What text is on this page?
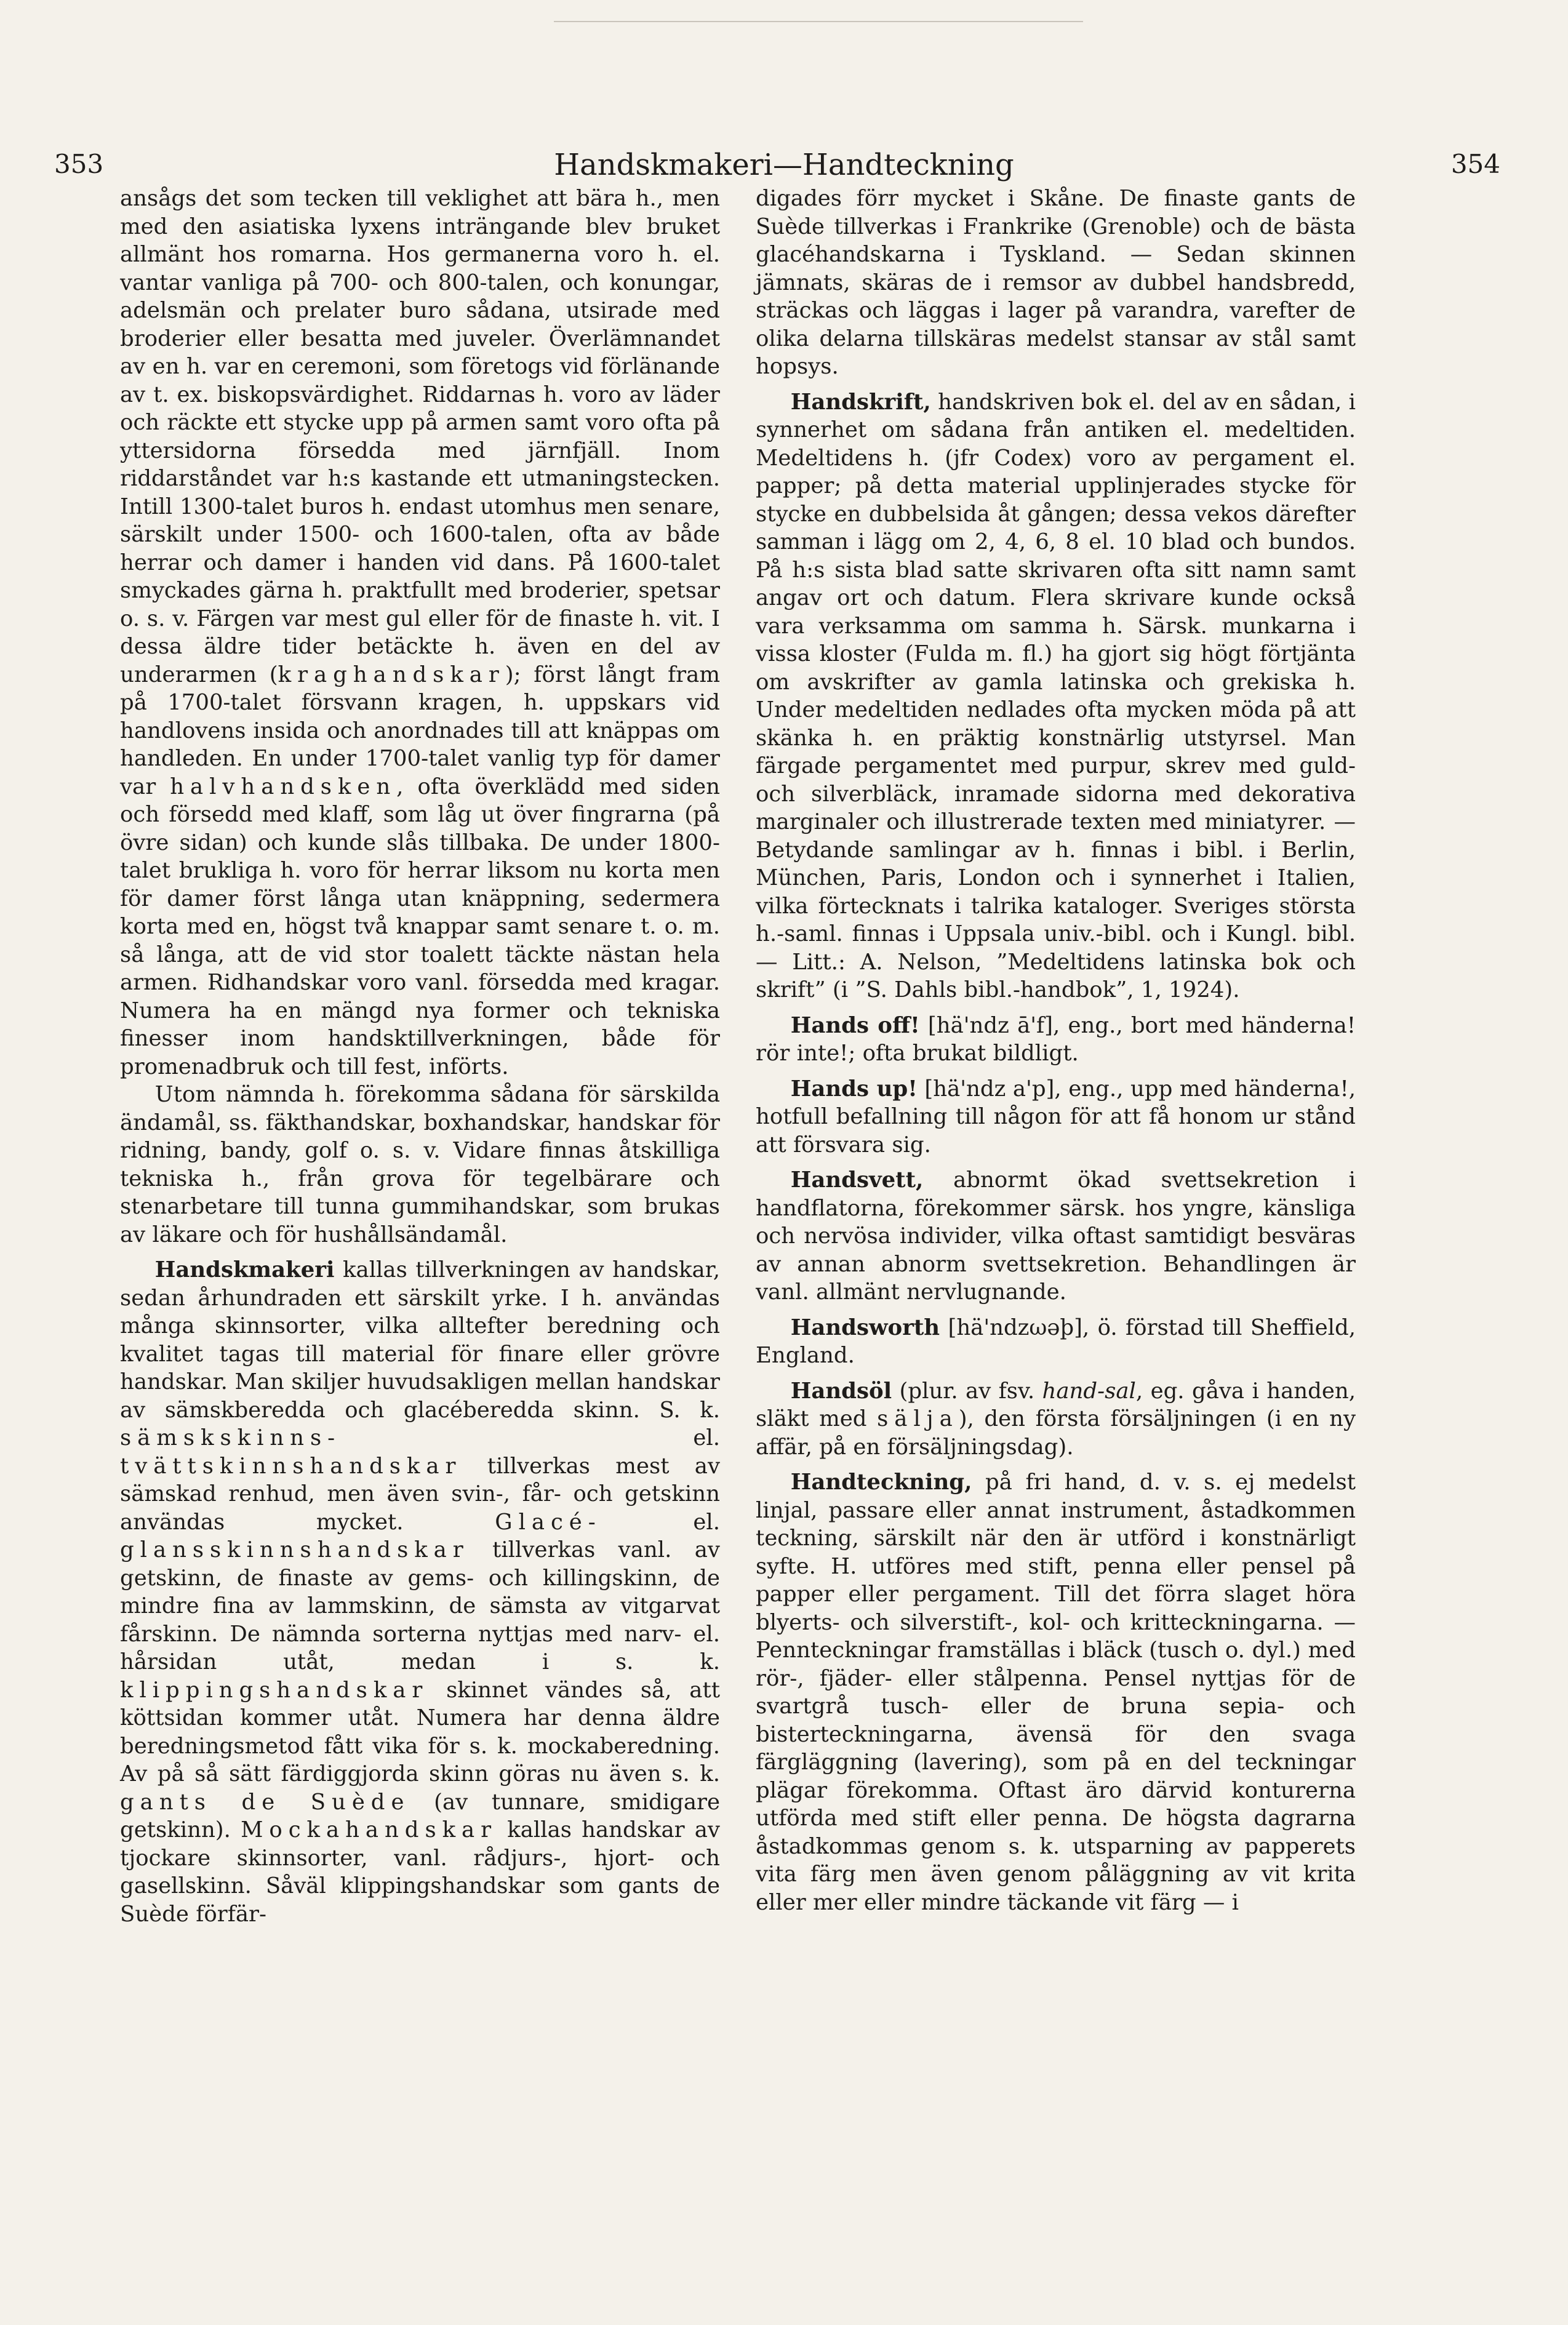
353	Handskmakeri—Handteckning	354

ansågs det som tecken till veklighet att bära h., men med den asiatiska lyxens inträngande blev bruket allmänt hos romarna. Hos germanerna voro h. el. vantar vanliga på 700- och 800-talen, och konungar, adelsmän och prelater buro sådana, utsirade med broderier eller besatta med juveler. Överlämnandet av en h. var en ceremoni, som företogs vid förlänande av t. ex. biskopsvärdighet. Riddarnas h. voro av läder och räckte ett stycke upp på armen samt voro ofta på yttersidorna försedda med järnfjäll. Inom riddarståndet var h:s kastande ett utmaningstecken. Intill 1300-talet buros h. endast utomhus men senare, särskilt under 1500- och 1600-talen, ofta av både herrar och damer i handen vid dans. På 1600-talet smyckades gärna h. praktfullt med broderier, spetsar o. s. v. Färgen var mest gul eller för de finaste h. vit. I dessa äldre tider betäckte h. även en del av underarmen (kraghandskar); först långt fram på 1700-talet försvann kragen, h. uppskars vid handlovens insida och anordnades till att knäppas om handleden. En under 1700-talet vanlig typ för damer var halvhandsken, ofta överklädd med siden och försedd med klaff, som låg ut över fingrarna (på övre sidan) och kunde slås tillbaka. De under 1800-talet brukliga h. voro för herrar liksom nu korta men för damer först långa utan knäppning, sedermera korta med en, högst två knappar samt senare t. o. m. så långa, att de vid stor toalett täckte nästan hela armen. Ridhandskar voro vanl. försedda med kragar. Numera ha en mängd nya former och tekniska finesser inom handsktillverkningen, både för promenadbruk och till fest, införts.

Utom nämnda h. förekomma sådana för särskilda ändamål, ss. fäkthandskar, boxhandskar, handskar för ridning, bandy, golf o. s. v. Vidare finnas åtskilliga tekniska h., från grova för tegelbärare och stenarbetare till tunna gummihandskar, som brukas av läkare och för hushållsändamål.

Handskmakeri kallas tillverkningen av handskar, sedan århundraden ett särskilt yrke. I h. användas många skinnsorter, vilka alltefter beredning och kvalitet tagas till material för finare eller grövre handskar. Man skiljer huvudsakligen mellan handskar av sämskberedda och glacéberedda skinn. S. k. sämskskinns- el. tvättskinnshandskar tillverkas mest av sämskad renhud, men även svin-, får- och getskinn användas mycket. Glacé- el. glansskinnshandskar tillverkas vanl. av getskinn, de finaste av gems- och killingskinn, de mindre fina av lammskinn, de sämsta av vitgarvat fårskinn. De nämnda sorterna nyttjas med narv- el. hårsidan utåt, medan i s. k. klippingshandskar skinnet vändes så, att köttsidan kommer utåt. Numera har denna äldre beredningsmetod fått vika för s. k. mockaberedning. Av på så sätt färdiggjorda skinn göras nu även s. k. gants de Suède (av tunnare, smidigare getskinn). Mockahandskar kallas handskar av tjockare skinnsorter, vanl. rådjurs-, hjort- och gasellskinn. Såväl klippingshandskar som gants de Suède förfär-

digades förr mycket i Skåne. De finaste gants de Suède tillverkas i Frankrike (Grenoble) och de bästa glacéhandskarna i Tyskland. — Sedan skinnen jämnats, skäras de i remsor av dubbel handsbredd, sträckas och läggas i lager på varandra, varefter de olika delarna tillskäras medelst stansar av stål samt hopsys.

Handskrift, handskriven bok el. del av en sådan, i synnerhet om sådana från antiken el. medeltiden. Medeltidens h. (jfr Codex) voro av pergament el. papper; på detta material upplinjerades stycke för stycke en dubbelsida åt gången; dessa vekos därefter samman i lägg om 2, 4, 6, 8 el. 10 blad och bundos. På h:s sista blad satte skrivaren ofta sitt namn samt angav ort och datum. Flera skrivare kunde också vara verksamma om samma h. Särsk. munkarna i vissa kloster (Fulda m. fl.) ha gjort sig högt förtjänta om avskrifter av gamla latinska och grekiska h. Under medeltiden nedlades ofta mycken möda på att skänka h. en präktig konstnärlig utstyrsel. Man färgade pergamentet med purpur, skrev med guld- och silverbläck, inramade sidorna med dekorativa marginaler och illustrerade texten med miniatyrer. — Betydande samlingar av h. finnas i bibl. i Berlin, München, Paris, London och i synnerhet i Italien, vilka förtecknats i talrika kataloger. Sveriges största h.-saml. finnas i Uppsala univ.-bibl. och i Kungl. bibl. — Litt.: A. Nelson, ”Medeltidens latinska bok och skrift” (i ”S. Dahls bibl.-handbok”, 1, 1924).

Hands off! [hä'ndz ā'f], eng., bort med händerna! rör inte!; ofta brukat bildligt.

Hands up! [hä'ndz a'p], eng., upp med händerna!, hotfull befallning till någon för att få honom ur stånd att försvara sig.

Handsvett, abnormt ökad svettsekretion i handflatorna, förekommer särsk. hos yngre, känsliga och nervösa individer, vilka oftast samtidigt besväras av annan abnorm svettsekretion. Behandlingen är vanl. allmänt nervlugnande.

Handsworth [hä'ndzωəþ], ö. förstad till Sheffield, England.

Handsöl (plur. av fsv. hand-sal, eg. gåva i handen, släkt med sälja), den första försäljningen (i en ny affär, på en försäljningsdag).

Handteckning, på fri hand, d. v. s. ej medelst linjal, passare eller annat instrument, åstadkommen teckning, särskilt när den är utförd i konstnärligt syfte. H. utföres med stift, penna eller pensel på papper eller pergament. Till det förra slaget höra blyerts- och silverstift-, kol- och kritteckningarna. — Pennteckningar framställas i bläck (tusch o. dyl.) med rör-, fjäder- eller stålpenna. Pensel nyttjas för de svartgrå tusch- eller de bruna sepia- och bisterteckningarna, ävensä för den svaga färgläggning (lavering), som på en del teckningar plägar förekomma. Oftast äro därvid konturerna utförda med stift eller penna. De högsta dagrarna åstadkommas genom s. k. utsparning av papperets vita färg men även genom påläggning av vit krita eller mer eller mindre täckande vit färg — i
